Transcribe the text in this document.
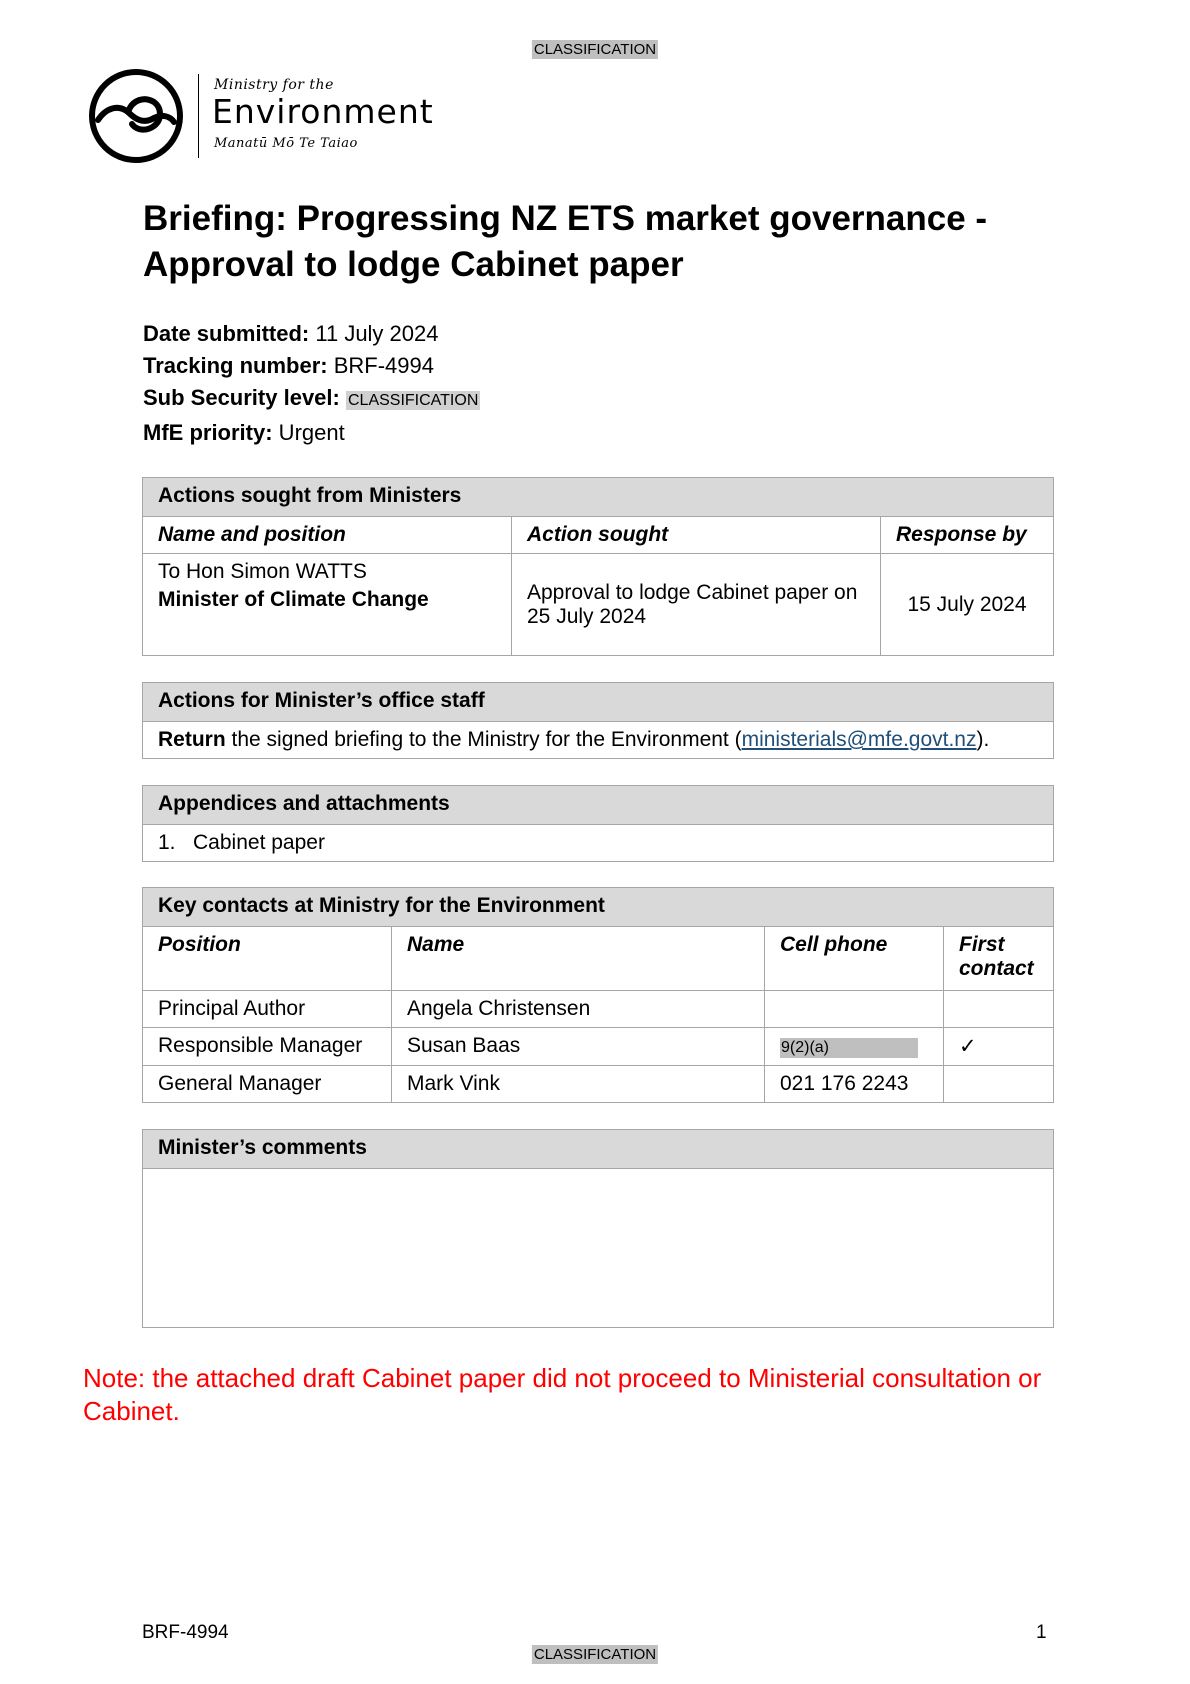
CLASSIFICATION
Ministry for the
Environment
Manatū Mō Te Taiao
Briefing: Progressing NZ ETS market governance - Approval to lodge Cabinet paper
Date submitted: 11 July 2024
Tracking number: BRF-4994
Sub Security level: CLASSIFICATION
MfE priority: Urgent
Actions sought from Ministers		
Name and position	Action sought	Response by

To Hon Simon WATTS
Minister of Climate Change	Approval to lodge Cabinet paper on 25 July 2024	15 July 2024
Actions for Minister’s office staff
Return the signed briefing to the Ministry for the Environment (ministerials@mfe.govt.nz).
Appendices and attachments
1.   Cabinet paper
Key contacts at Ministry for the Environment			
Position	Name	Cell phone	First contact
Principal Author	Angela Christensen		
Responsible Manager	Susan Baas	9(2)(a)	✓
General Manager	Mark Vink	021 176 2243	
Minister’s comments

Note: the attached draft Cabinet paper did not proceed to Ministerial consultation or Cabinet.
BRF-4994	1
CLASSIFICATION
